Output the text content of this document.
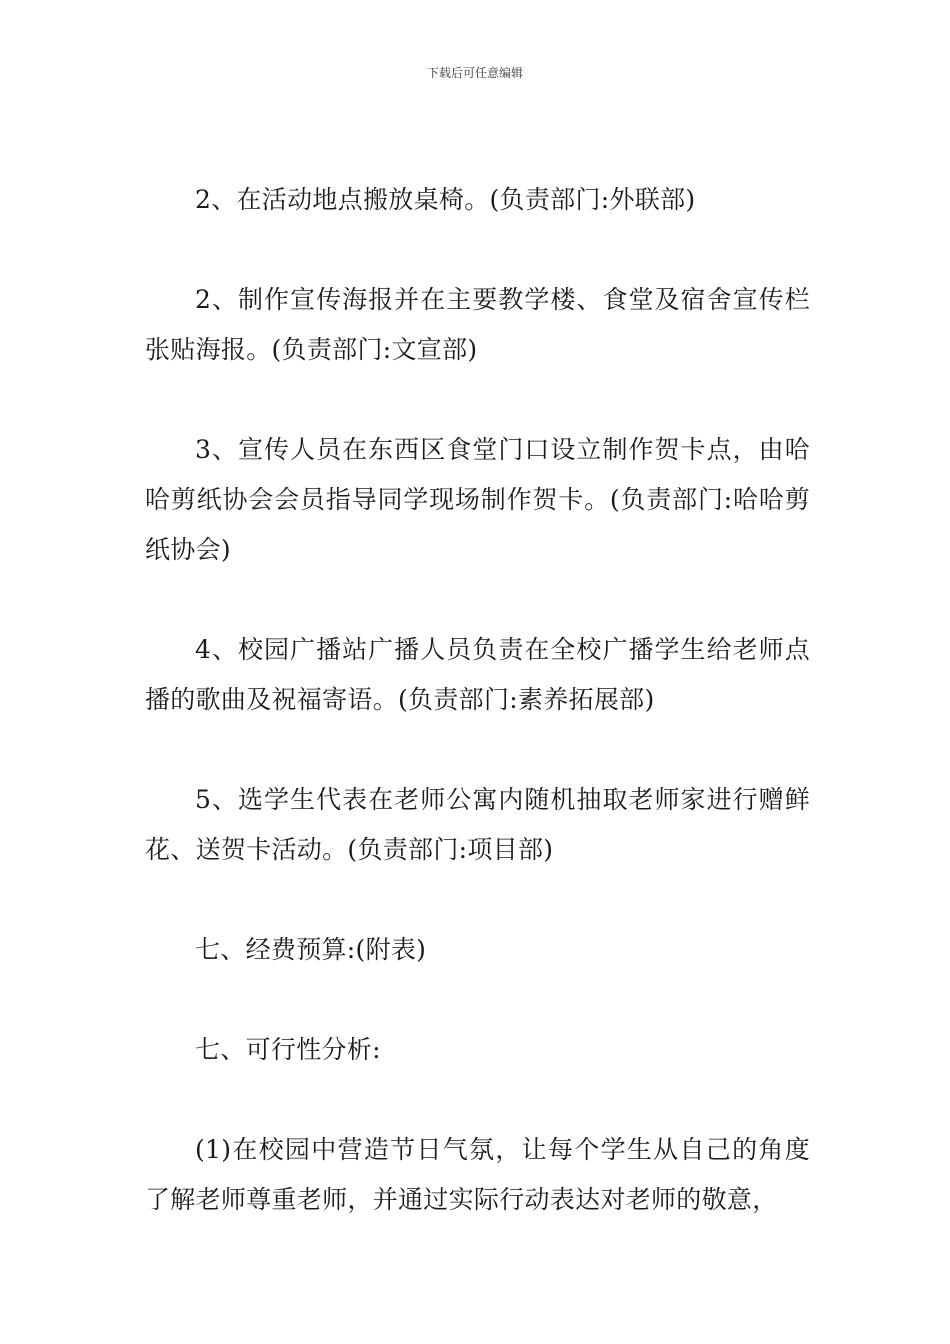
下载后可任意编辑

2、在活动地点搬放桌椅。(负责部门:外联部)

2、制作宣传海报并在主要教学楼、食堂及宿舍宣传栏张贴海报。(负责部门:文宣部)

3、宣传人员在东西区食堂门口设立制作贺卡点，由哈哈剪纸协会会员指导同学现场制作贺卡。(负责部门:哈哈剪纸协会)

4、校园广播站广播人员负责在全校广播学生给老师点播的歌曲及祝福寄语。(负责部门:素养拓展部)

5、选学生代表在老师公寓内随机抽取老师家进行赠鲜花、送贺卡活动。(负责部门:项目部)

七、经费预算:(附表)

七、可行性分析:

(1)在校园中营造节日气氛，让每个学生从自己的角度了解老师尊重老师，并通过实际行动表达对老师的敬意，
